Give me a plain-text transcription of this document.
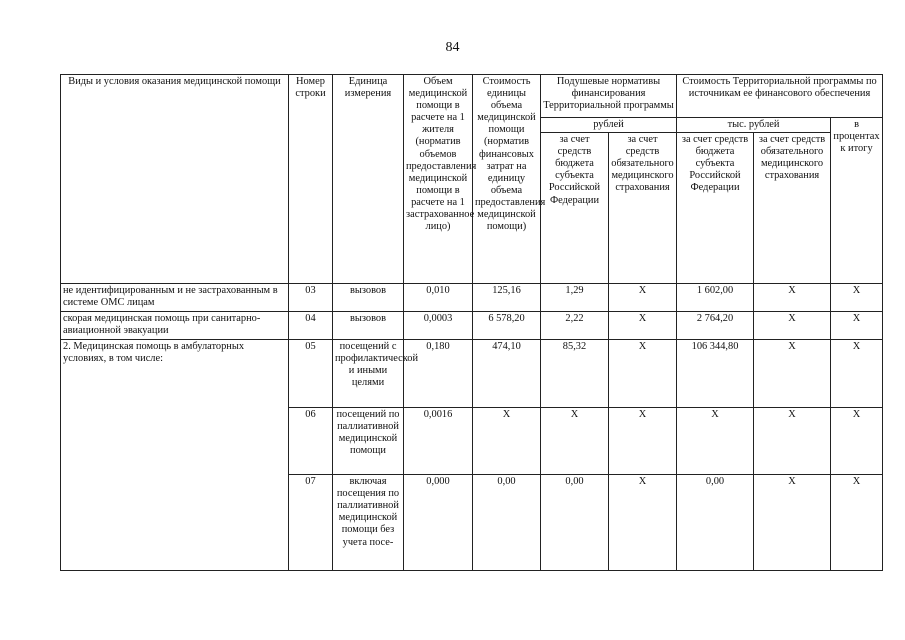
84
Виды и условия оказания медицинской помощи	Номер строки	Единица измерения	Объем медицинской помощи в расчете на 1 жителя (норматив объемов предоставления медицинской помощи в расчете на 1 застрахованное лицо)	Стоимость единицы объема медицинской помощи (норматив финансовых затрат на единицу объема предоставления медицинской помощи)	Подушевые нормативы финансирования Территориальной программы		Стоимость Территориальной программы по источникам ее финансового обеспечения		
					рублей		тыс. рублей		в процентах к итогу
					за счет средств бюджета субъекта Российской Федерации	за счет средств обязательного медицинского страхования	за счет средств бюджета субъекта Российской Федерации	за счет средств обязательного медицинского страхования	
не идентифицированным и не застрахованным в системе ОМС лицам	03	вызовов	0,010	125,16	1,29	Х	1 602,00	Х	Х
скорая медицинская помощь при санитарно-авиационной эвакуации	04	вызовов	0,0003	6 578,20	2,22	Х	2 764,20	Х	Х
2. Медицинская помощь в амбулаторных условиях, в том числе:	05	посещений с профилактической и иными целями	0,180	474,10	85,32	Х	106 344,80	Х	Х
	06	посещений по паллиативной медицинской помощи	0,0016	Х	Х	Х	Х	Х	Х
	07	включая посещения по паллиативной медицинской помощи без учета посе-	0,000	0,00	0,00	Х	0,00	Х	Х
